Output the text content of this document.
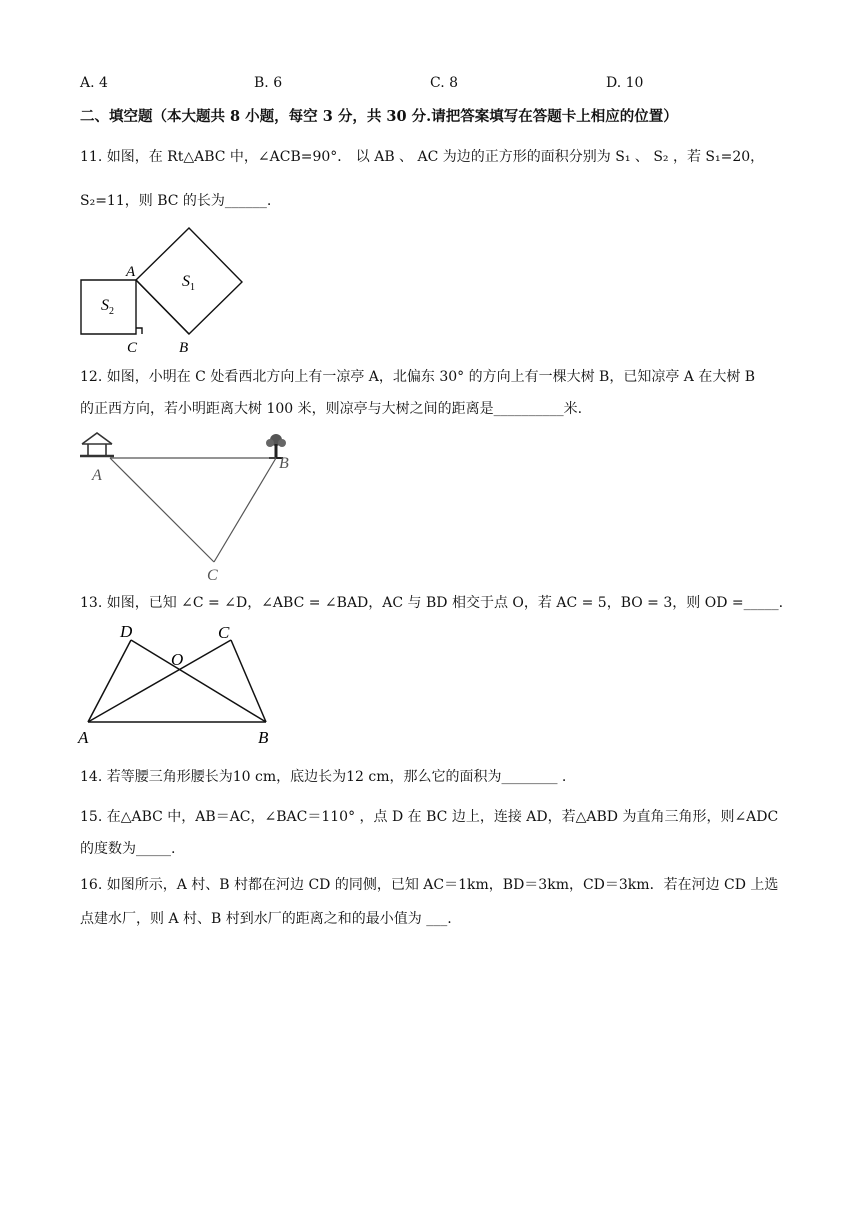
A. 4	B. 6	C. 8	D. 10
二、填空题（本大题共 8 小题，每空 3 分，共 30 分.请把答案填写在答题卡上相应的位置）
11. 如图，在 Rt△ABC 中，∠ACB=90°． 以 AB 、 AC 为边的正方形的面积分别为 S₁ 、 S₂ ，若 S₁=20，
S₂=11，则 BC 的长为______.
A
B
C
$S_1$
$S_2$
12. 如图，小明在 C 处看西北方向上有一凉亭 A，北偏东 30° 的方向上有一棵大树 B，已知凉亭 A 在大树 B
的正西方向，若小明距离大树 100 米，则凉亭与大树之间的距离是__________米.
A
B
C
13. 如图，已知 ∠C = ∠D，∠ABC = ∠BAD，AC 与 BD 相交于点 O，若 AC = 5，BO = 3，则 OD =_____.
D	C
O
A	B
14. 若等腰三角形腰长为10 cm，底边长为12 cm，那么它的面积为________ .
15. 在△ABC 中，AB＝AC，∠BAC＝110° ，点 D 在 BC 边上，连接 AD，若△ABD 为直角三角形，则∠ADC
的度数为_____.
16. 如图所示，A 村、B 村都在河边 CD 的同侧，已知 AC＝1km，BD＝3km，CD＝3km．若在河边 CD 上选
点建水厂，则 A 村、B 村到水厂的距离之和的最小值为 ___.
